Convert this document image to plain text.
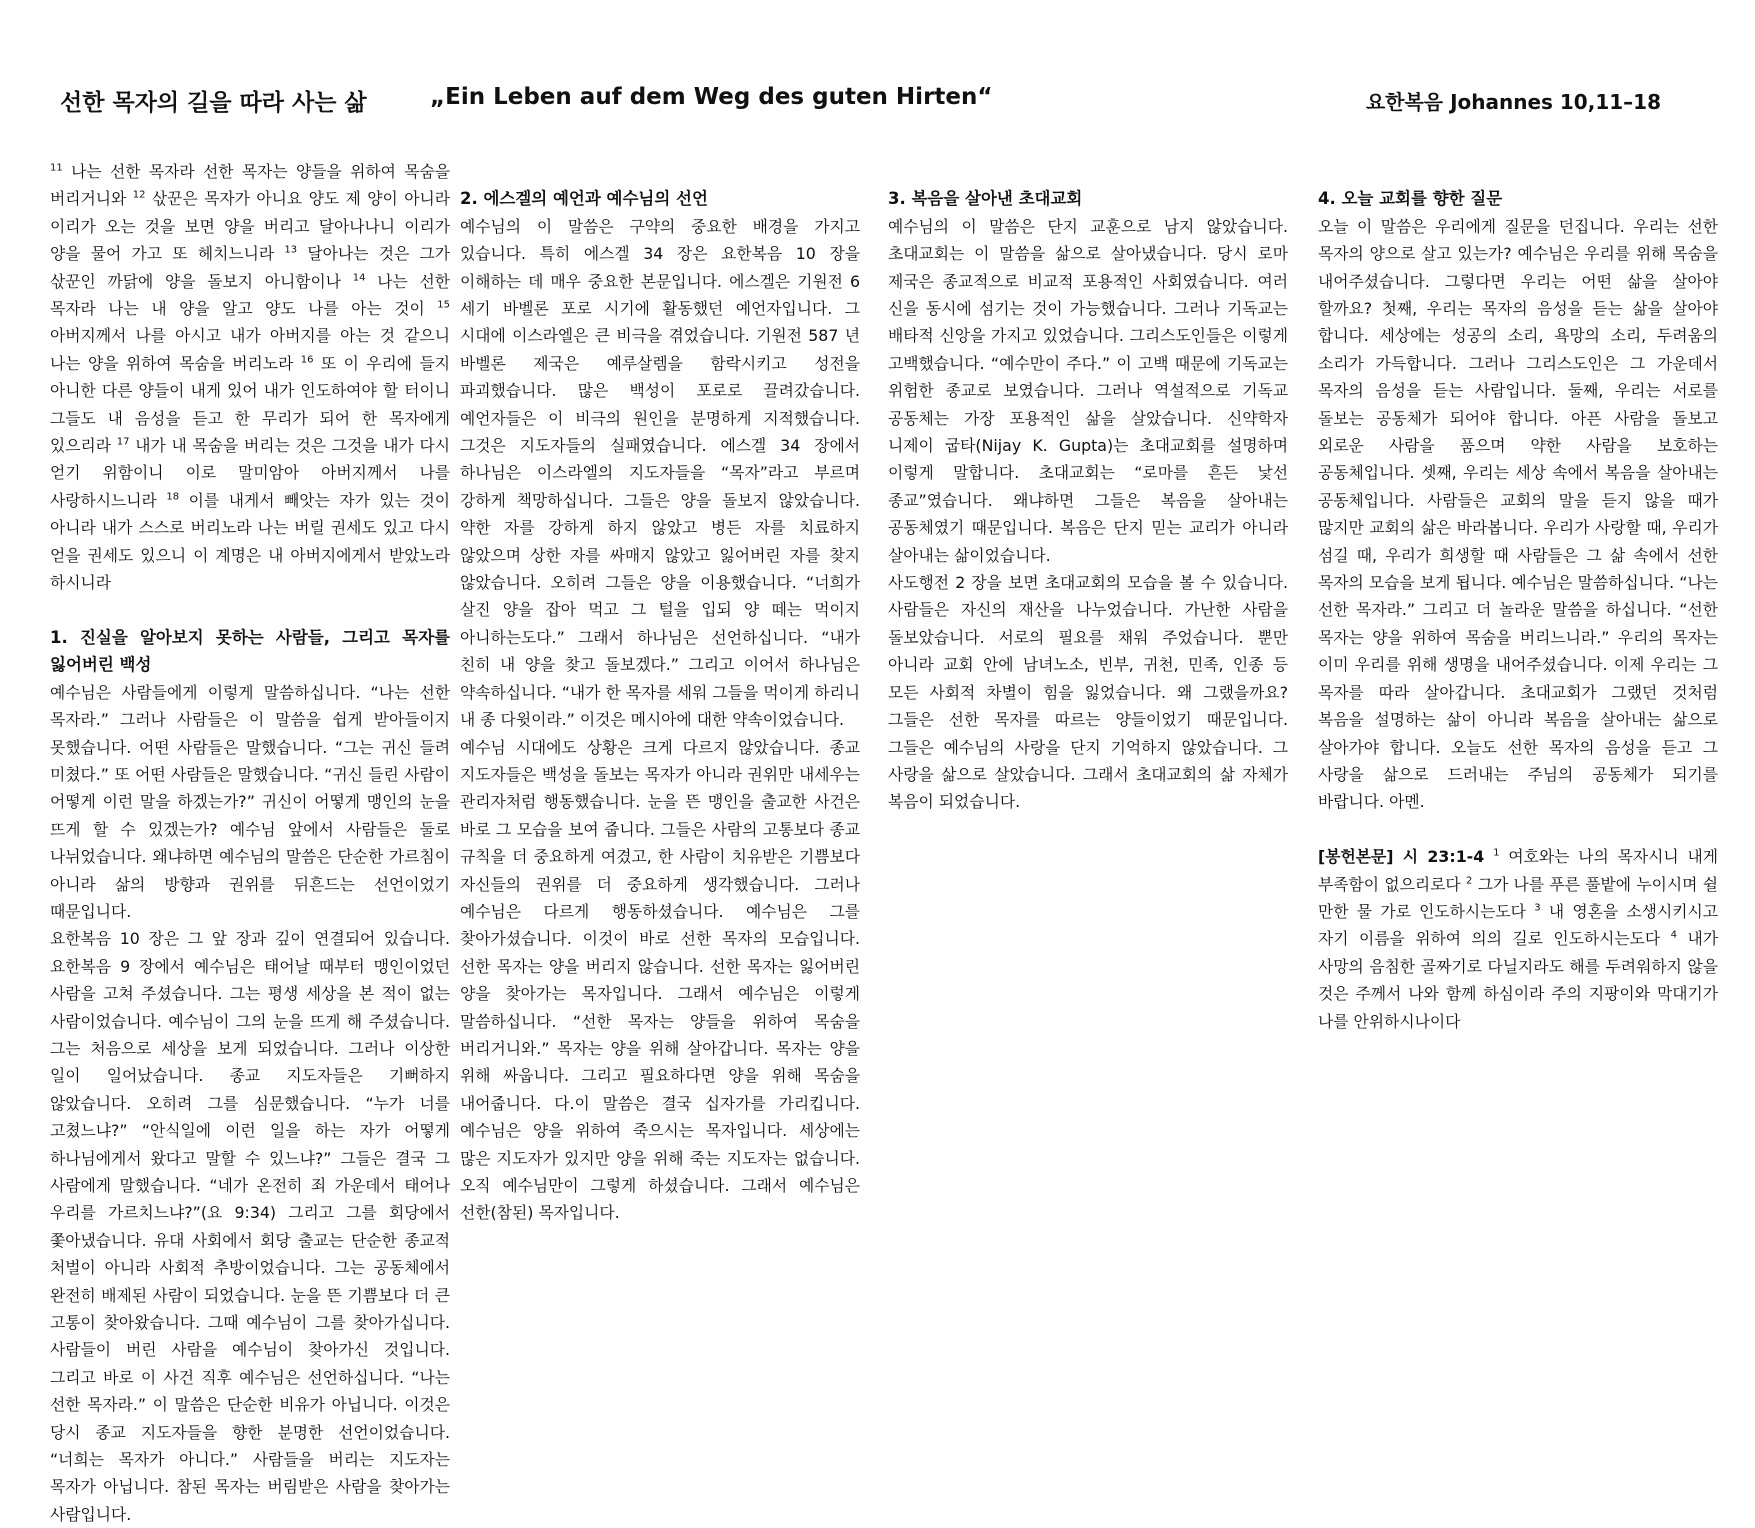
선한 목자의 길을 따라 사는 삶	„Ein Leben auf dem Weg des guten Hirten“	요한복음 Johannes 10,11–18

$^{11}$ 나는 선한 목자라 선한 목자는 양들을 위하여 목숨을 버리거니와 $^{12}$ 삯꾼은 목자가 아니요 양도 제 양이 아니라 이리가 오는 것을 보면 양을 버리고 달아나나니 이리가 양을 물어 가고 또 헤치느니라 $^{13}$ 달아나는 것은 그가 삯꾼인 까닭에 양을 돌보지 아니함이나 $^{14}$ 나는 선한 목자라 나는 내 양을 알고 양도 나를 아는 것이 $^{15}$ 아버지께서 나를 아시고 내가 아버지를 아는 것 같으니 나는 양을 위하여 목숨을 버리노라 $^{16}$ 또 이 우리에 들지 아니한 다른 양들이 내게 있어 내가 인도하여야 할 터이니 그들도 내 음성을 듣고 한 무리가 되어 한 목자에게 있으리라 $^{17}$ 내가 내 목숨을 버리는 것은 그것을 내가 다시 얻기 위함이니 이로 말미암아 아버지께서 나를 사랑하시느니라 $^{18}$ 이를 내게서 빼앗는 자가 있는 것이 아니라 내가 스스로 버리노라 나는 버릴 권세도 있고 다시 얻을 권세도 있으니 이 계명은 내 아버지에게서 받았노라 하시니라

1. 진실을 알아보지 못하는 사람들, 그리고 목자를 잃어버린 백성

예수님은 사람들에게 이렇게 말씀하십니다. “나는 선한 목자라.” 그러나 사람들은 이 말씀을 쉽게 받아들이지 못했습니다. 어떤 사람들은 말했습니다. “그는 귀신 들려 미쳤다.” 또 어떤 사람들은 말했습니다. “귀신 들린 사람이 어떻게 이런 말을 하겠는가?” 귀신이 어떻게 맹인의 눈을 뜨게 할 수 있겠는가? 예수님 앞에서 사람들은 둘로 나뉘었습니다. 왜냐하면 예수님의 말씀은 단순한 가르침이 아니라 삶의 방향과 권위를 뒤흔드는 선언이었기 때문입니다.

요한복음 10 장은 그 앞 장과 깊이 연결되어 있습니다. 요한복음 9 장에서 예수님은 태어날 때부터 맹인이었던 사람을 고쳐 주셨습니다. 그는 평생 세상을 본 적이 없는 사람이었습니다. 예수님이 그의 눈을 뜨게 해 주셨습니다. 그는 처음으로 세상을 보게 되었습니다. 그러나 이상한 일이 일어났습니다. 종교 지도자들은 기뻐하지 않았습니다. 오히려 그를 심문했습니다. “누가 너를 고쳤느냐?” “안식일에 이런 일을 하는 자가 어떻게 하나님에게서 왔다고 말할 수 있느냐?” 그들은 결국 그 사람에게 말했습니다. “네가 온전히 죄 가운데서 태어나 우리를 가르치느냐?”(요 9:34) 그리고 그를 회당에서 쫓아냈습니다. 유대 사회에서 회당 출교는 단순한 종교적 처벌이 아니라 사회적 추방이었습니다. 그는 공동체에서 완전히 배제된 사람이 되었습니다. 눈을 뜬 기쁨보다 더 큰 고통이 찾아왔습니다. 그때 예수님이 그를 찾아가십니다. 사람들이 버린 사람을 예수님이 찾아가신 것입니다. 그리고 바로 이 사건 직후 예수님은 선언하십니다. “나는 선한 목자라.” 이 말씀은 단순한 비유가 아닙니다. 이것은 당시 종교 지도자들을 향한 분명한 선언이었습니다. “너희는 목자가 아니다.” 사람들을 버리는 지도자는 목자가 아닙니다. 참된 목자는 버림받은 사람을 찾아가는 사람입니다.

2. 에스겔의 예언과 예수님의 선언

예수님의 이 말씀은 구약의 중요한 배경을 가지고 있습니다. 특히 에스겔 34 장은 요한복음 10 장을 이해하는 데 매우 중요한 본문입니다. 에스겔은 기원전 6 세기 바벨론 포로 시기에 활동했던 예언자입니다. 그 시대에 이스라엘은 큰 비극을 겪었습니다. 기원전 587 년 바벨론 제국은 예루살렘을 함락시키고 성전을 파괴했습니다. 많은 백성이 포로로 끌려갔습니다. 예언자들은 이 비극의 원인을 분명하게 지적했습니다. 그것은 지도자들의 실패였습니다. 에스겔 34 장에서 하나님은 이스라엘의 지도자들을 “목자”라고 부르며 강하게 책망하십니다. 그들은 양을 돌보지 않았습니다. 약한 자를 강하게 하지 않았고 병든 자를 치료하지 않았으며 상한 자를 싸매지 않았고 잃어버린 자를 찾지 않았습니다. 오히려 그들은 양을 이용했습니다. “너희가 살진 양을 잡아 먹고 그 털을 입되 양 떼는 먹이지 아니하는도다.” 그래서 하나님은 선언하십니다. “내가 친히 내 양을 찾고 돌보겠다.” 그리고 이어서 하나님은 약속하십니다. “내가 한 목자를 세워 그들을 먹이게 하리니 내 종 다윗이라.” 이것은 메시아에 대한 약속이었습니다.

예수님 시대에도 상황은 크게 다르지 않았습니다. 종교 지도자들은 백성을 돌보는 목자가 아니라 권위만 내세우는 관리자처럼 행동했습니다. 눈을 뜬 맹인을 출교한 사건은 바로 그 모습을 보여 줍니다. 그들은 사람의 고통보다 종교 규칙을 더 중요하게 여겼고, 한 사람이 치유받은 기쁨보다 자신들의 권위를 더 중요하게 생각했습니다. 그러나 예수님은 다르게 행동하셨습니다. 예수님은 그를 찾아가셨습니다. 이것이 바로 선한 목자의 모습입니다. 선한 목자는 양을 버리지 않습니다. 선한 목자는 잃어버린 양을 찾아가는 목자입니다. 그래서 예수님은 이렇게 말씀하십니다. “선한 목자는 양들을 위하여 목숨을 버리거니와.” 목자는 양을 위해 살아갑니다. 목자는 양을 위해 싸웁니다. 그리고 필요하다면 양을 위해 목숨을 내어줍니다. 다.이 말씀은 결국 십자가를 가리킵니다. 예수님은 양을 위하여 죽으시는 목자입니다. 세상에는 많은 지도자가 있지만 양을 위해 죽는 지도자는 없습니다. 오직 예수님만이 그렇게 하셨습니다. 그래서 예수님은 선한(참된) 목자입니다.

3. 복음을 살아낸 초대교회

예수님의 이 말씀은 단지 교훈으로 남지 않았습니다. 초대교회는 이 말씀을 삶으로 살아냈습니다. 당시 로마 제국은 종교적으로 비교적 포용적인 사회였습니다. 여러 신을 동시에 섬기는 것이 가능했습니다. 그러나 기독교는 배타적 신앙을 가지고 있었습니다. 그리스도인들은 이렇게 고백했습니다. “예수만이 주다.” 이 고백 때문에 기독교는 위험한 종교로 보였습니다. 그러나 역설적으로 기독교 공동체는 가장 포용적인 삶을 살았습니다. 신약학자 니제이 굽타(Nijay K. Gupta)는 초대교회를 설명하며 이렇게 말합니다. 초대교회는 “로마를 흔든 낯선 종교”였습니다. 왜냐하면 그들은 복음을 살아내는 공동체였기 때문입니다. 복음은 단지 믿는 교리가 아니라 살아내는 삶이었습니다.

사도행전 2 장을 보면 초대교회의 모습을 볼 수 있습니다. 사람들은 자신의 재산을 나누었습니다. 가난한 사람을 돌보았습니다. 서로의 필요를 채워 주었습니다. 뿐만 아니라 교회 안에 남녀노소, 빈부, 귀천, 민족, 인종 등 모든 사회적 차별이 힘을 잃었습니다. 왜 그랬을까요? 그들은 선한 목자를 따르는 양들이었기 때문입니다. 그들은 예수님의 사랑을 단지 기억하지 않았습니다. 그 사랑을 삶으로 살았습니다. 그래서 초대교회의 삶 자체가 복음이 되었습니다.

4. 오늘 교회를 향한 질문

오늘 이 말씀은 우리에게 질문을 던집니다. 우리는 선한 목자의 양으로 살고 있는가? 예수님은 우리를 위해 목숨을 내어주셨습니다. 그렇다면 우리는 어떤 삶을 살아야 할까요? 첫째, 우리는 목자의 음성을 듣는 삶을 살아야 합니다. 세상에는 성공의 소리, 욕망의 소리, 두려움의 소리가 가득합니다. 그러나 그리스도인은 그 가운데서 목자의 음성을 듣는 사람입니다. 둘째, 우리는 서로를 돌보는 공동체가 되어야 합니다. 아픈 사람을 돌보고 외로운 사람을 품으며 약한 사람을 보호하는 공동체입니다. 셋째, 우리는 세상 속에서 복음을 살아내는 공동체입니다. 사람들은 교회의 말을 듣지 않을 때가 많지만 교회의 삶은 바라봅니다. 우리가 사랑할 때, 우리가 섬길 때, 우리가 희생할 때 사람들은 그 삶 속에서 선한 목자의 모습을 보게 됩니다. 예수님은 말씀하십니다. “나는 선한 목자라.” 그리고 더 놀라운 말씀을 하십니다. “선한 목자는 양을 위하여 목숨을 버리느니라.” 우리의 목자는 이미 우리를 위해 생명을 내어주셨습니다. 이제 우리는 그 목자를 따라 살아갑니다. 초대교회가 그랬던 것처럼 복음을 설명하는 삶이 아니라 복음을 살아내는 삶으로 살아가야 합니다. 오늘도 선한 목자의 음성을 듣고 그 사랑을 삶으로 드러내는 주님의 공동체가 되기를 바랍니다. 아멘.

[봉헌본문] 시 23:1-4 $^1$ 여호와는 나의 목자시니 내게 부족함이 없으리로다 $^2$ 그가 나를 푸른 풀밭에 누이시며 쉴 만한 물 가로 인도하시는도다 $^3$ 내 영혼을 소생시키시고 자기 이름을 위하여 의의 길로 인도하시는도다 $^4$ 내가 사망의 음침한 골짜기로 다닐지라도 해를 두려워하지 않을 것은 주께서 나와 함께 하심이라 주의 지팡이와 막대기가 나를 안위하시나이다
